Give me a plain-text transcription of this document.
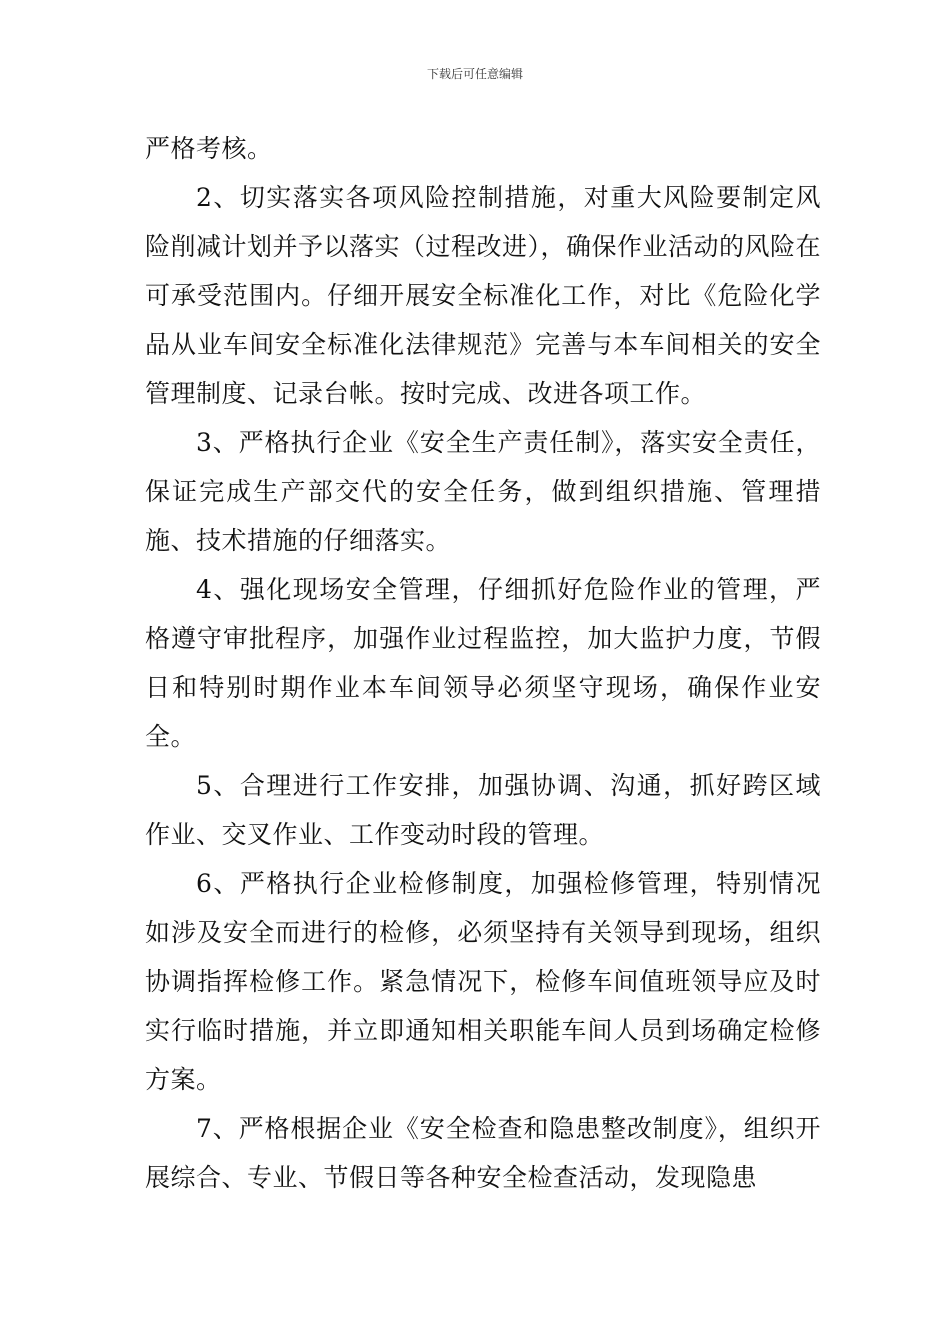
下载后可任意编辑

严格考核。

2、切实落实各项风险控制措施，对重大风险要制定风险削减计划并予以落实（过程改进），确保作业活动的风险在可承受范围内。仔细开展安全标准化工作，对比《危险化学品从业车间安全标准化法律规范》完善与本车间相关的安全管理制度、记录台帐。按时完成、改进各项工作。

3、严格执行企业《安全生产责任制》，落实安全责任，保证完成生产部交代的安全任务，做到组织措施、管理措施、技术措施的仔细落实。

4、强化现场安全管理，仔细抓好危险作业的管理，严格遵守审批程序，加强作业过程监控，加大监护力度，节假日和特别时期作业本车间领导必须坚守现场，确保作业安全。

5、合理进行工作安排，加强协调、沟通，抓好跨区域作业、交叉作业、工作变动时段的管理。

6、严格执行企业检修制度，加强检修管理，特别情况如涉及安全而进行的检修，必须坚持有关领导到现场，组织协调指挥检修工作。紧急情况下，检修车间值班领导应及时实行临时措施，并立即通知相关职能车间人员到场确定检修方案。

7、严格根据企业《安全检查和隐患整改制度》，组织开展综合、专业、节假日等各种安全检查活动，发现隐患
